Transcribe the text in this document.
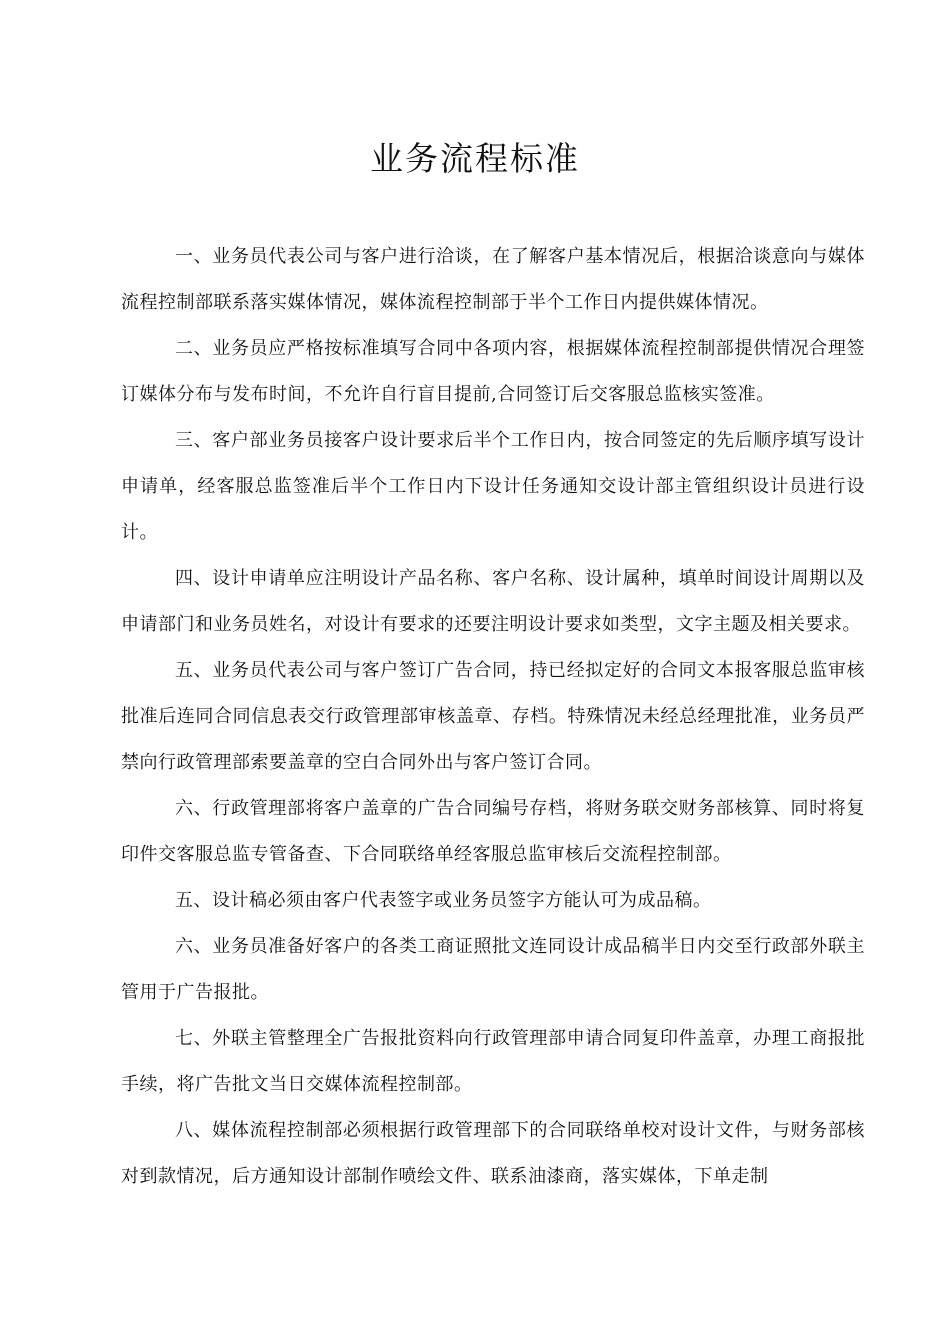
业务流程标准

一、业务员代表公司与客户进行洽谈，在了解客户基本情况后，根据洽谈意向与媒体流程控制部联系落实媒体情况，媒体流程控制部于半个工作日内提供媒体情况。

二、业务员应严格按标准填写合同中各项内容，根据媒体流程控制部提供情况合理签订媒体分布与发布时间，不允许自行盲目提前,合同签订后交客服总监核实签准。

三、客户部业务员接客户设计要求后半个工作日内，按合同签定的先后顺序填写设计申请单，经客服总监签准后半个工作日内下设计任务通知交设计部主管组织设计员进行设计。

四、设计申请单应注明设计产品名称、客户名称、设计属种，填单时间设计周期以及申请部门和业务员姓名，对设计有要求的还要注明设计要求如类型，文字主题及相关要求。

五、业务员代表公司与客户签订广告合同，持已经拟定好的合同文本报客服总监审核批准后连同合同信息表交行政管理部审核盖章、存档。特殊情况未经总经理批准，业务员严禁向行政管理部索要盖章的空白合同外出与客户签订合同。

六、行政管理部将客户盖章的广告合同编号存档，将财务联交财务部核算、同时将复印件交客服总监专管备查、下合同联络单经客服总监审核后交流程控制部。

五、设计稿必须由客户代表签字或业务员签字方能认可为成品稿。

六、业务员准备好客户的各类工商证照批文连同设计成品稿半日内交至行政部外联主管用于广告报批。

七、外联主管整理全广告报批资料向行政管理部申请合同复印件盖章，办理工商报批手续，将广告批文当日交媒体流程控制部。

八、媒体流程控制部必须根据行政管理部下的合同联络单校对设计文件，与财务部核对到款情况，后方通知设计部制作喷绘文件、联系油漆商，落实媒体，下单走制
